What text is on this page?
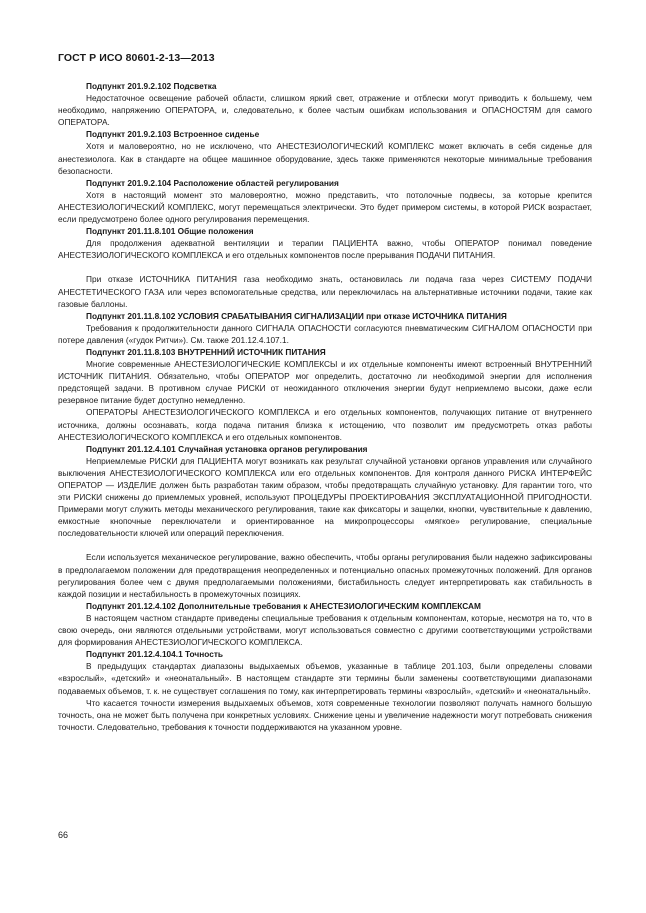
ГОСТ Р ИСО 80601-2-13—2013

Подпункт 201.9.2.102 Подсветка

Недостаточное освещение рабочей области, слишком яркий свет, отражение и отблески могут приводить к большему, чем необходимо, напряжению ОПЕРАТОРА, и, следовательно, к более частым ошибкам использования и ОПАСНОСТЯМ для самого ОПЕРАТОРА.

Подпункт 201.9.2.103 Встроенное сиденье

Хотя и маловероятно, но не исключено, что АНЕСТЕЗИОЛОГИЧЕСКИЙ КОМПЛЕКС может включать в себя сиденье для анестезиолога. Как в стандарте на общее машинное оборудование, здесь также применяются некоторые минимальные требования безопасности.

Подпункт 201.9.2.104 Расположение областей регулирования

Хотя в настоящий момент это маловероятно, можно представить, что потолочные подвесы, за которые крепится АНЕСТЕЗИОЛОГИЧЕСКИЙ КОМПЛЕКС, могут перемещаться электрически. Это будет примером системы, в которой РИСК возрастает, если предусмотрено более одного регулирования перемещения.

Подпункт 201.11.8.101 Общие положения

Для продолжения адекватной вентиляции и терапии ПАЦИЕНТА важно, чтобы ОПЕРАТОР понимал поведение АНЕСТЕЗИОЛОГИЧЕСКОГО КОМПЛЕКСА и его отдельных компонентов после прерывания ПОДАЧИ ПИТАНИЯ.

При отказе ИСТОЧНИКА ПИТАНИЯ газа необходимо знать, остановилась ли подача газа через СИСТЕМУ ПОДАЧИ АНЕСТЕТИЧЕСКОГО ГАЗА или через вспомогательные средства, или переключилась на альтернативные источники подачи, такие как газовые баллоны.

Подпункт 201.11.8.102 УСЛОВИЯ СРАБАТЫВАНИЯ СИГНАЛИЗАЦИИ при отказе ИСТОЧНИКА ПИТАНИЯ

Требования к продолжительности данного СИГНАЛА ОПАСНОСТИ согласуются пневматическим СИГНАЛОМ ОПАСНОСТИ при потере давления («гудок Ритчи»). См. также 201.12.4.107.1.

Подпункт 201.11.8.103 ВНУТРЕННИЙ ИСТОЧНИК ПИТАНИЯ

Многие современные АНЕСТЕЗИОЛОГИЧЕСКИЕ КОМПЛЕКСЫ и их отдельные компоненты имеют встроенный ВНУТРЕННИЙ ИСТОЧНИК ПИТАНИЯ. Обязательно, чтобы ОПЕРАТОР мог определить, достаточно ли необходимой энергии для исполнения предстоящей задачи. В противном случае РИСКИ от неожиданного отключения энергии будут неприемлемо высоки, даже если резервное питание будет доступно немедленно.

ОПЕРАТОРЫ АНЕСТЕЗИОЛОГИЧЕСКОГО КОМПЛЕКСА и его отдельных компонентов, получающих питание от внутреннего источника, должны осознавать, когда подача питания близка к истощению, что позволит им предусмотреть отказ работы АНЕСТЕЗИОЛОГИЧЕСКОГО КОМПЛЕКСА и его отдельных компонентов.

Подпункт 201.12.4.101 Случайная установка органов регулирования

Неприемлемые РИСКИ для ПАЦИЕНТА могут возникать как результат случайной установки органов управления или случайного выключения АНЕСТЕЗИОЛОГИЧЕСКОГО КОМПЛЕКСА или его отдельных компонентов. Для контроля данного РИСКА ИНТЕРФЕЙС ОПЕРАТОР — ИЗДЕЛИЕ должен быть разработан таким образом, чтобы предотвращать случайную установку. Для гарантии того, что эти РИСКИ снижены до приемлемых уровней, используют ПРОЦЕДУРЫ ПРОЕКТИРОВАНИЯ ЭКСПЛУАТАЦИОННОЙ ПРИГОДНОСТИ. Примерами могут служить методы механического регулирования, такие как фиксаторы и защелки, кнопки, чувствительные к давлению, емкостные кнопочные переключатели и ориентированное на микропроцессоры «мягкое» регулирование, специальные последовательности ключей или операций переключения.

Если используется механическое регулирование, важно обеспечить, чтобы органы регулирования были надежно зафиксированы в предполагаемом положении для предотвращения неопределенных и потенциально опасных промежуточных положений. Для органов регулирования более чем с двумя предполагаемыми положениями, бистабильность следует интерпретировать как стабильность в каждой позиции и нестабильность в промежуточных позициях.

Подпункт 201.12.4.102 Дополнительные требования к АНЕСТЕЗИОЛОГИЧЕСКИМ КОМПЛЕКСАМ

В настоящем частном стандарте приведены специальные требования к отдельным компонентам, которые, несмотря на то, что в свою очередь, они являются отдельными устройствами, могут использоваться совместно с другими соответствующими устройствами для формирования АНЕСТЕЗИОЛОГИЧЕСКОГО КОМПЛЕКСА.

Подпункт 201.12.4.104.1 Точность

В предыдущих стандартах диапазоны выдыхаемых объемов, указанные в таблице 201.103, были определены словами «взрослый», «детский» и «неонатальный». В настоящем стандарте эти термины были заменены соответствующими диапазонами подаваемых объемов, т. к. не существует соглашения по тому, как интерпретировать термины «взрослый», «детский» и «неонатальный».

Что касается точности измерения выдыхаемых объемов, хотя современные технологии позволяют получать намного большую точность, она не может быть получена при конкретных условиях. Снижение цены и увеличение надежности могут потребовать снижения точности. Следовательно, требования к точности поддерживаются на указанном уровне.

66
